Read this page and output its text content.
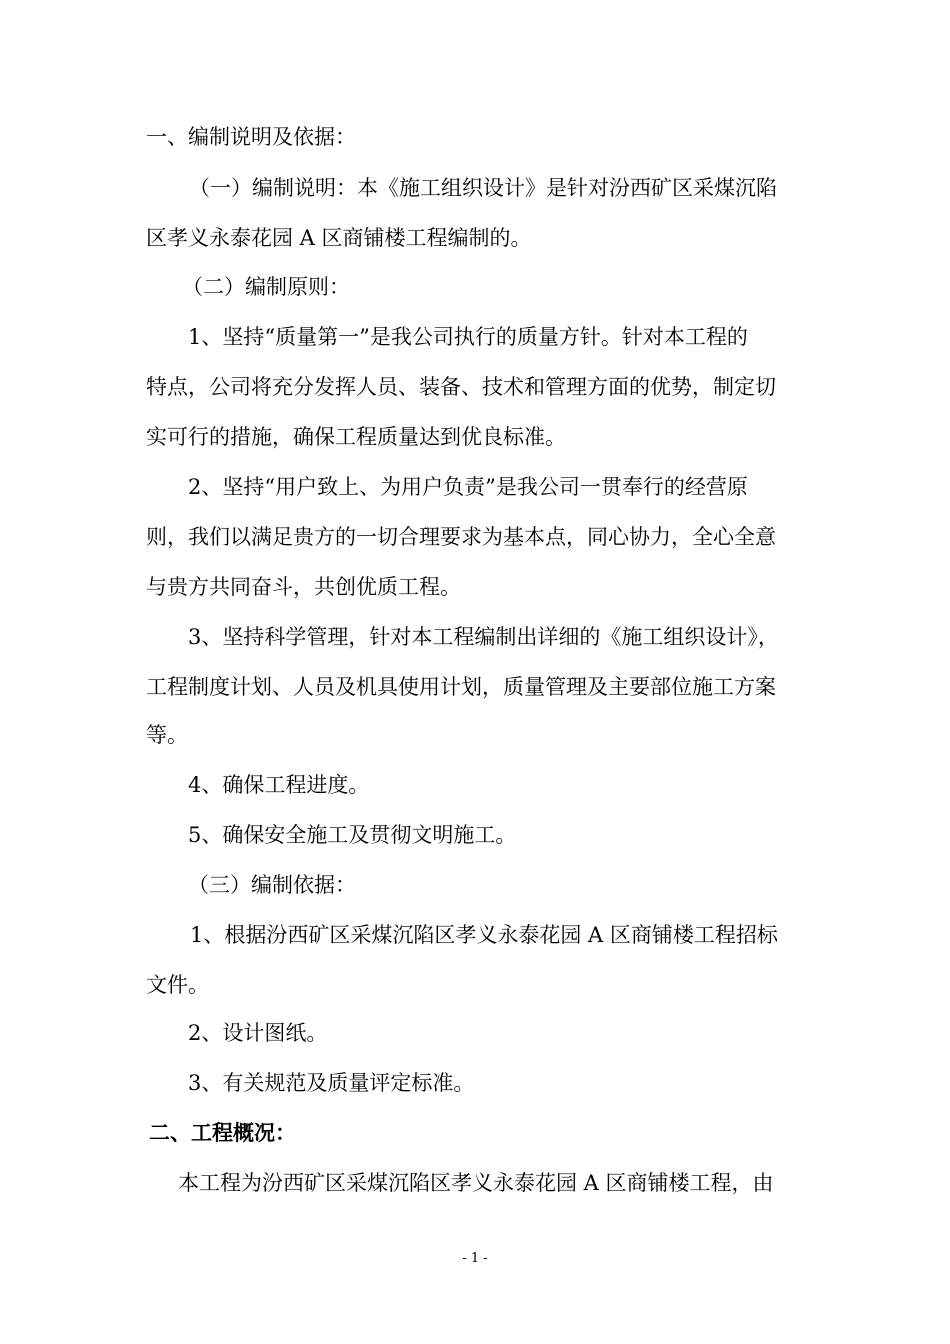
一、编制说明及依据：
（一）编制说明：本《施工组织设计》是针对汾西矿区采煤沉陷
区孝义永泰花园 A 区商铺楼工程编制的。
（二）编制原则：
1、坚持“质量第一”是我公司执行的质量方针。针对本工程的
特点，公司将充分发挥人员、装备、技术和管理方面的优势，制定切
实可行的措施，确保工程质量达到优良标准。
2、坚持“用户致上、为用户负责”是我公司一贯奉行的经营原
则，我们以满足贵方的一切合理要求为基本点，同心协力，全心全意
与贵方共同奋斗，共创优质工程。
3、坚持科学管理，针对本工程编制出详细的《施工组织设计》，
工程制度计划、人员及机具使用计划，质量管理及主要部位施工方案
等。
4、确保工程进度。
5、确保安全施工及贯彻文明施工。
（三）编制依据：
1、根据汾西矿区采煤沉陷区孝义永泰花园 A 区商铺楼工程招标
文件。
2、设计图纸。
3、有关规范及质量评定标准。
二、工程概况：
本工程为汾西矿区采煤沉陷区孝义永泰花园 A 区商铺楼工程，由
- 1 -
